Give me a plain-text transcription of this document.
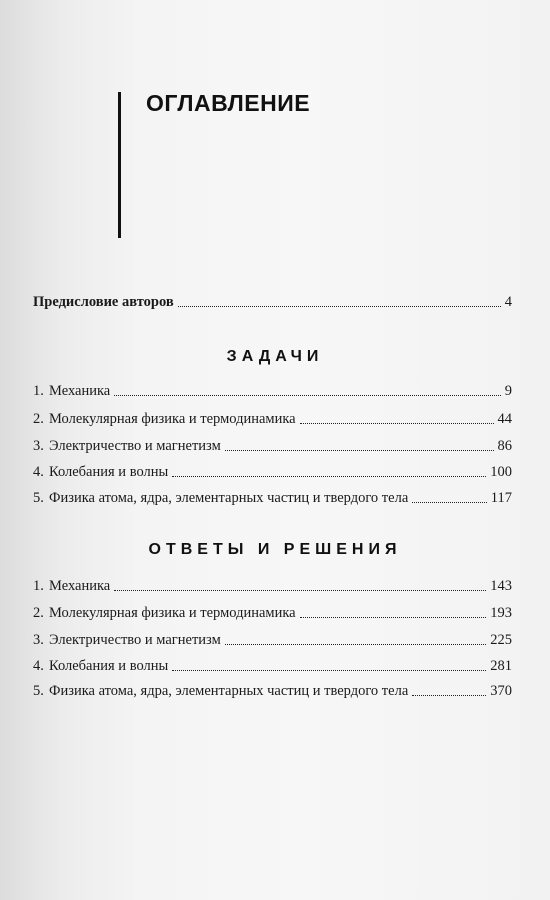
ОГЛАВЛЕНИЕ
Предисловие авторов	4
ЗАДАЧИ
1. Механика	9
2. Молекулярная физика и термодинамика	44
3. Электричество и магнетизм	86
4. Колебания и волны	100
5. Физика атома, ядра, элементарных частиц и твердого тела	117
ОТВЕТЫ И РЕШЕНИЯ
1. Механика	143
2. Молекулярная физика и термодинамика	193
3. Электричество и магнетизм	225
4. Колебания и волны	281
5. Физика атома, ядра, элементарных частиц и твердого тела	370
